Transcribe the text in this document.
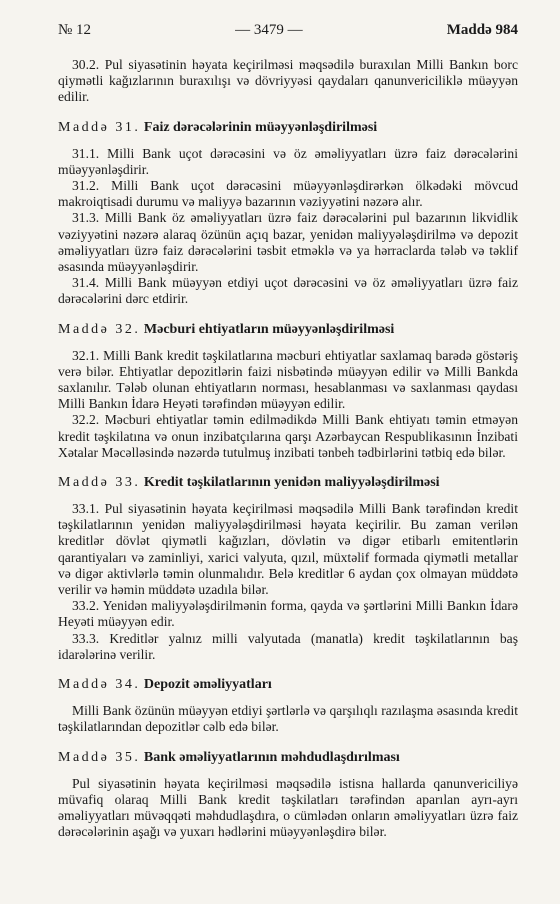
№ 12	— 3479 —	Maddə 984

30.2. Pul siyasətinin həyata keçirilməsi məqsədilə buraxılan Milli Bankın borc qiymətli kağızlarının buraxılışı və dövriyyəsi qaydaları qanunvericiliklə müəyyən edilir.

Maddə 31. Faiz dərəcələrinin müəyyənləşdirilməsi

31.1. Milli Bank uçot dərəcəsini və öz əməliyyatları üzrə faiz dərəcələrini müəyyənləşdirir.

31.2. Milli Bank uçot dərəcəsini müəyyənləşdirərkən ölkədəki mövcud makroiqtisadi durumu və maliyyə bazarının vəziyyətini nəzərə alır.

31.3. Milli Bank öz əməliyyatları üzrə faiz dərəcələrini pul bazarının likvidlik vəziyyətini nəzərə alaraq özünün açıq bazar, yenidən maliyyələşdirilmə və depozit əməliyyatları üzrə faiz dərəcələrini təsbit etməklə və ya hərraclarda tələb və təklif əsasında müəyyənləşdirir.

31.4. Milli Bank müəyyən etdiyi uçot dərəcəsini və öz əməliyyatları üzrə faiz dərəcələrini dərc etdirir.

Maddə 32. Məcburi ehtiyatların müəyyənləşdirilməsi

32.1. Milli Bank kredit təşkilatlarına məcburi ehtiyatlar saxlamaq barədə göstəriş verə bilər. Ehtiyatlar depozitlərin faizi nisbətində müəyyən edilir və Milli Bankda saxlanılır. Tələb olunan ehtiyatların norması, hesablanması və saxlanması qaydası Milli Bankın İdarə Heyəti tərəfindən müəyyən edilir.

32.2. Məcburi ehtiyatlar təmin edilmədikdə Milli Bank ehtiyatı təmin etməyən kredit təşkilatına və onun inzibatçılarına qarşı Azərbaycan Respublikasının İnzibati Xətalar Məcəlləsində nəzərdə tutulmuş inzibati tənbeh tədbirlərini tətbiq edə bilər.

Maddə 33. Kredit təşkilatlarının yenidən maliyyələşdirilməsi

33.1. Pul siyasətinin həyata keçirilməsi məqsədilə Milli Bank tərəfindən kredit təşkilatlarının yenidən maliyyələşdirilməsi həyata keçirilir. Bu zaman verilən kreditlər dövlət qiymətli kağızları, dövlətin və digər etibarlı emitentlərin qarantiyaları və zaminliyi, xarici valyuta, qızıl, müxtəlif formada qiymətli metallar və digər aktivlərlə təmin olunmalıdır. Belə kreditlər 6 aydan çox olmayan müddətə verilir və həmin müddətə uzadıla bilər.

33.2. Yenidən maliyyələşdirilmənin forma, qayda və şərtlərini Milli Bankın İdarə Heyəti müəyyən edir.

33.3. Kreditlər yalnız milli valyutada (manatla) kredit təşkilatlarının baş idarələrinə verilir.

Maddə 34. Depozit əməliyyatları

Milli Bank özünün müəyyən etdiyi şərtlərlə və qarşılıqlı razılaşma əsasında kredit təşkilatlarından depozitlər cəlb edə bilər.

Maddə 35. Bank əməliyyatlarının məhdudlaşdırılması

Pul siyasətinin həyata keçirilməsi məqsədilə istisna hallarda qanunvericiliyə müvafiq olaraq Milli Bank kredit təşkilatları tərəfindən aparılan ayrı-ayrı əməliyyatları müvəqqəti məhdudlaşdıra, o cümlədən onların əməliyyatları üzrə faiz dərəcələrinin aşağı və yuxarı hədlərini müəyyənləşdirə bilər.
